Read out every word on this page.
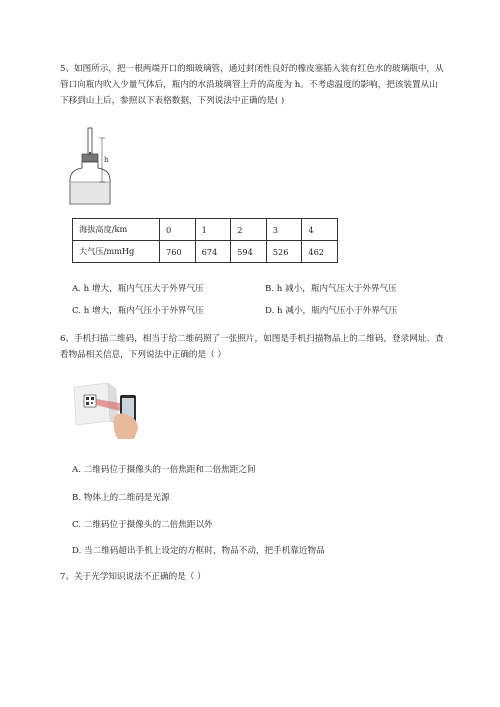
5、如图所示，把一根两端开口的细玻璃管，通过封闭性良好的橡皮塞插入装有红色水的玻璃瓶中，从
管口向瓶内吹入少量气体后，瓶内的水沿玻璃管上升的高度为 h。不考虑温度的影响，把该装置从山
下移到山上后，参照以下表格数据，下列说法中正确的是( )
h
海拔高度/km	0	1	2	3	4
大气压/mmHg	760	674	594	526	462
A. h 增大，瓶内气压大于外界气压	B. h 减小，瓶内气压大于外界气压
C. h 增大，瓶内气压小于外界气压	D. h 减小，瓶内气压小于外界气压
6、手机扫描二维码，相当于给二维码照了一张照片，如图是手机扫描物品上的二维码，登录网址、查
看物品相关信息，下列说法中正确的是（ ）
A. 二维码位于摄像头的一倍焦距和二倍焦距之间
B. 物体上的二维码是光源
C. 二维码位于摄像头的二倍焦距以外
D. 当二维码超出手机上设定的方框时，物品不动，把手机靠近物品
7、关于光学知识说法不正确的是（ ）
